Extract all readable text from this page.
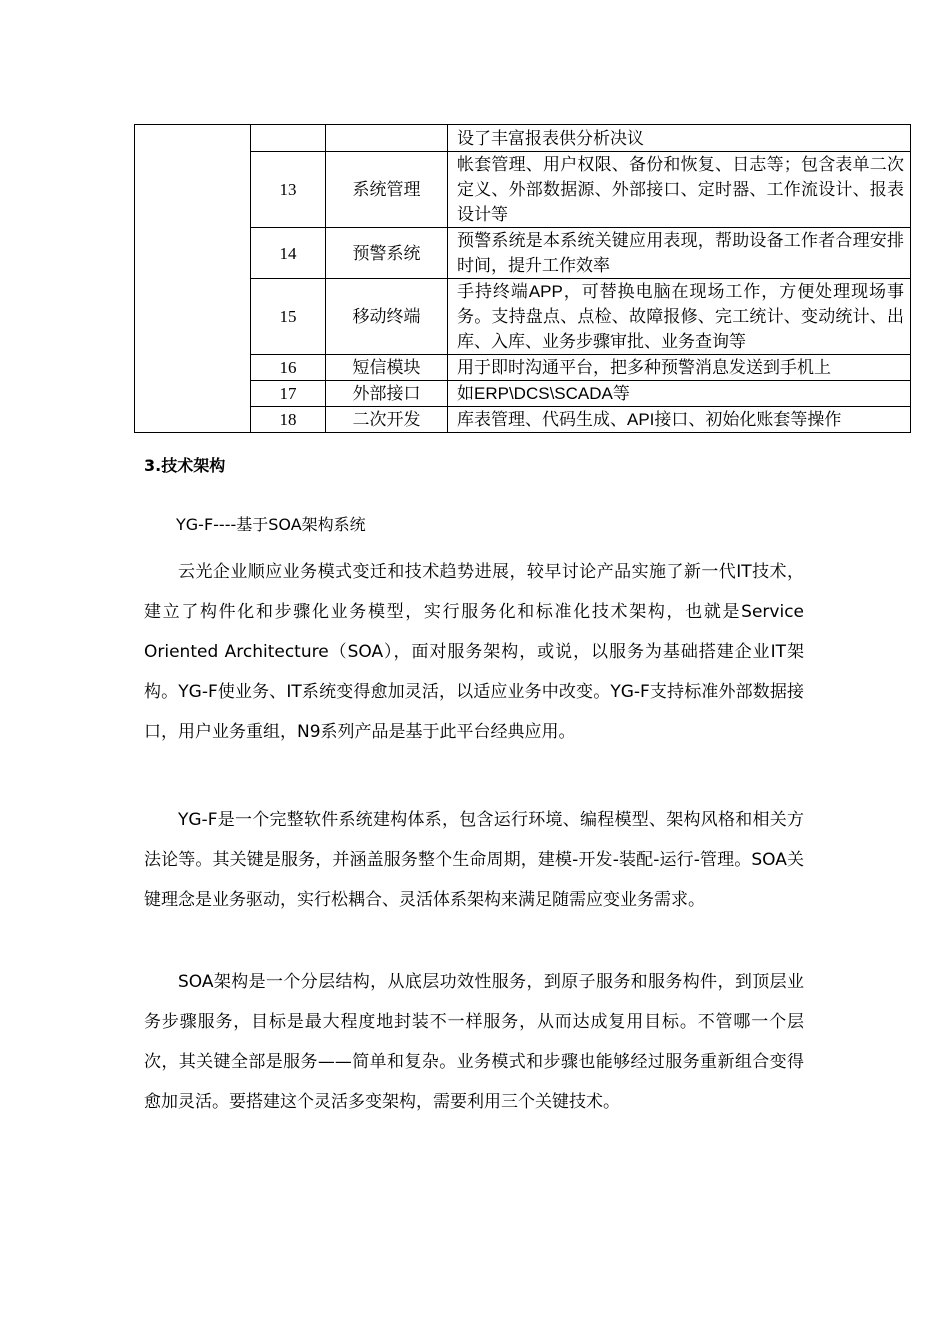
			设了丰富报表供分析决议
	13	系统管理	帐套管理、用户权限、备份和恢复、日志等；包含表单二次定义、外部数据源、外部接口、定时器、工作流设计、报表设计等
	14	预警系统	预警系统是本系统关键应用表现，帮助设备工作者合理安排时间，提升工作效率
	15	移动终端	手持终端APP，可替换电脑在现场工作，方便处理现场事务。支持盘点、点检、故障报修、完工统计、变动统计、出库、入库、业务步骤审批、业务查询等
	16	短信模块	用于即时沟通平台，把多种预警消息发送到手机上
	17	外部接口	如ERP\DCS\SCADA等
	18	二次开发	库表管理、代码生成、API接口、初始化账套等操作
3.技术架构
YG-F----基于SOA架构系统

云光企业顺应业务模式变迁和技术趋势进展，较早讨论产品实施了新一代IT技术，建立了构件化和步骤化业务模型，实行服务化和标准化技术架构，也就是Service Oriented Architecture（SOA），面对服务架构，或说，以服务为基础搭建企业IT架构。YG-F使业务、IT系统变得愈加灵活，以适应业务中改变。YG-F支持标准外部数据接口，用户业务重组，N9系列产品是基于此平台经典应用。

YG-F是一个完整软件系统建构体系，包含运行环境、编程模型、架构风格和相关方法论等。其关键是服务，并涵盖服务整个生命周期，建模-开发-装配-运行-管理。SOA关键理念是业务驱动，实行松耦合、灵活体系架构来满足随需应变业务需求。

SOA架构是一个分层结构，从底层功效性服务，到原子服务和服务构件，到顶层业务步骤服务，目标是最大程度地封装不一样服务，从而达成复用目标。不管哪一个层次，其关键全部是服务——简单和复杂。业务模式和步骤也能够经过服务重新组合变得愈加灵活。要搭建这个灵活多变架构，需要利用三个关键技术。
